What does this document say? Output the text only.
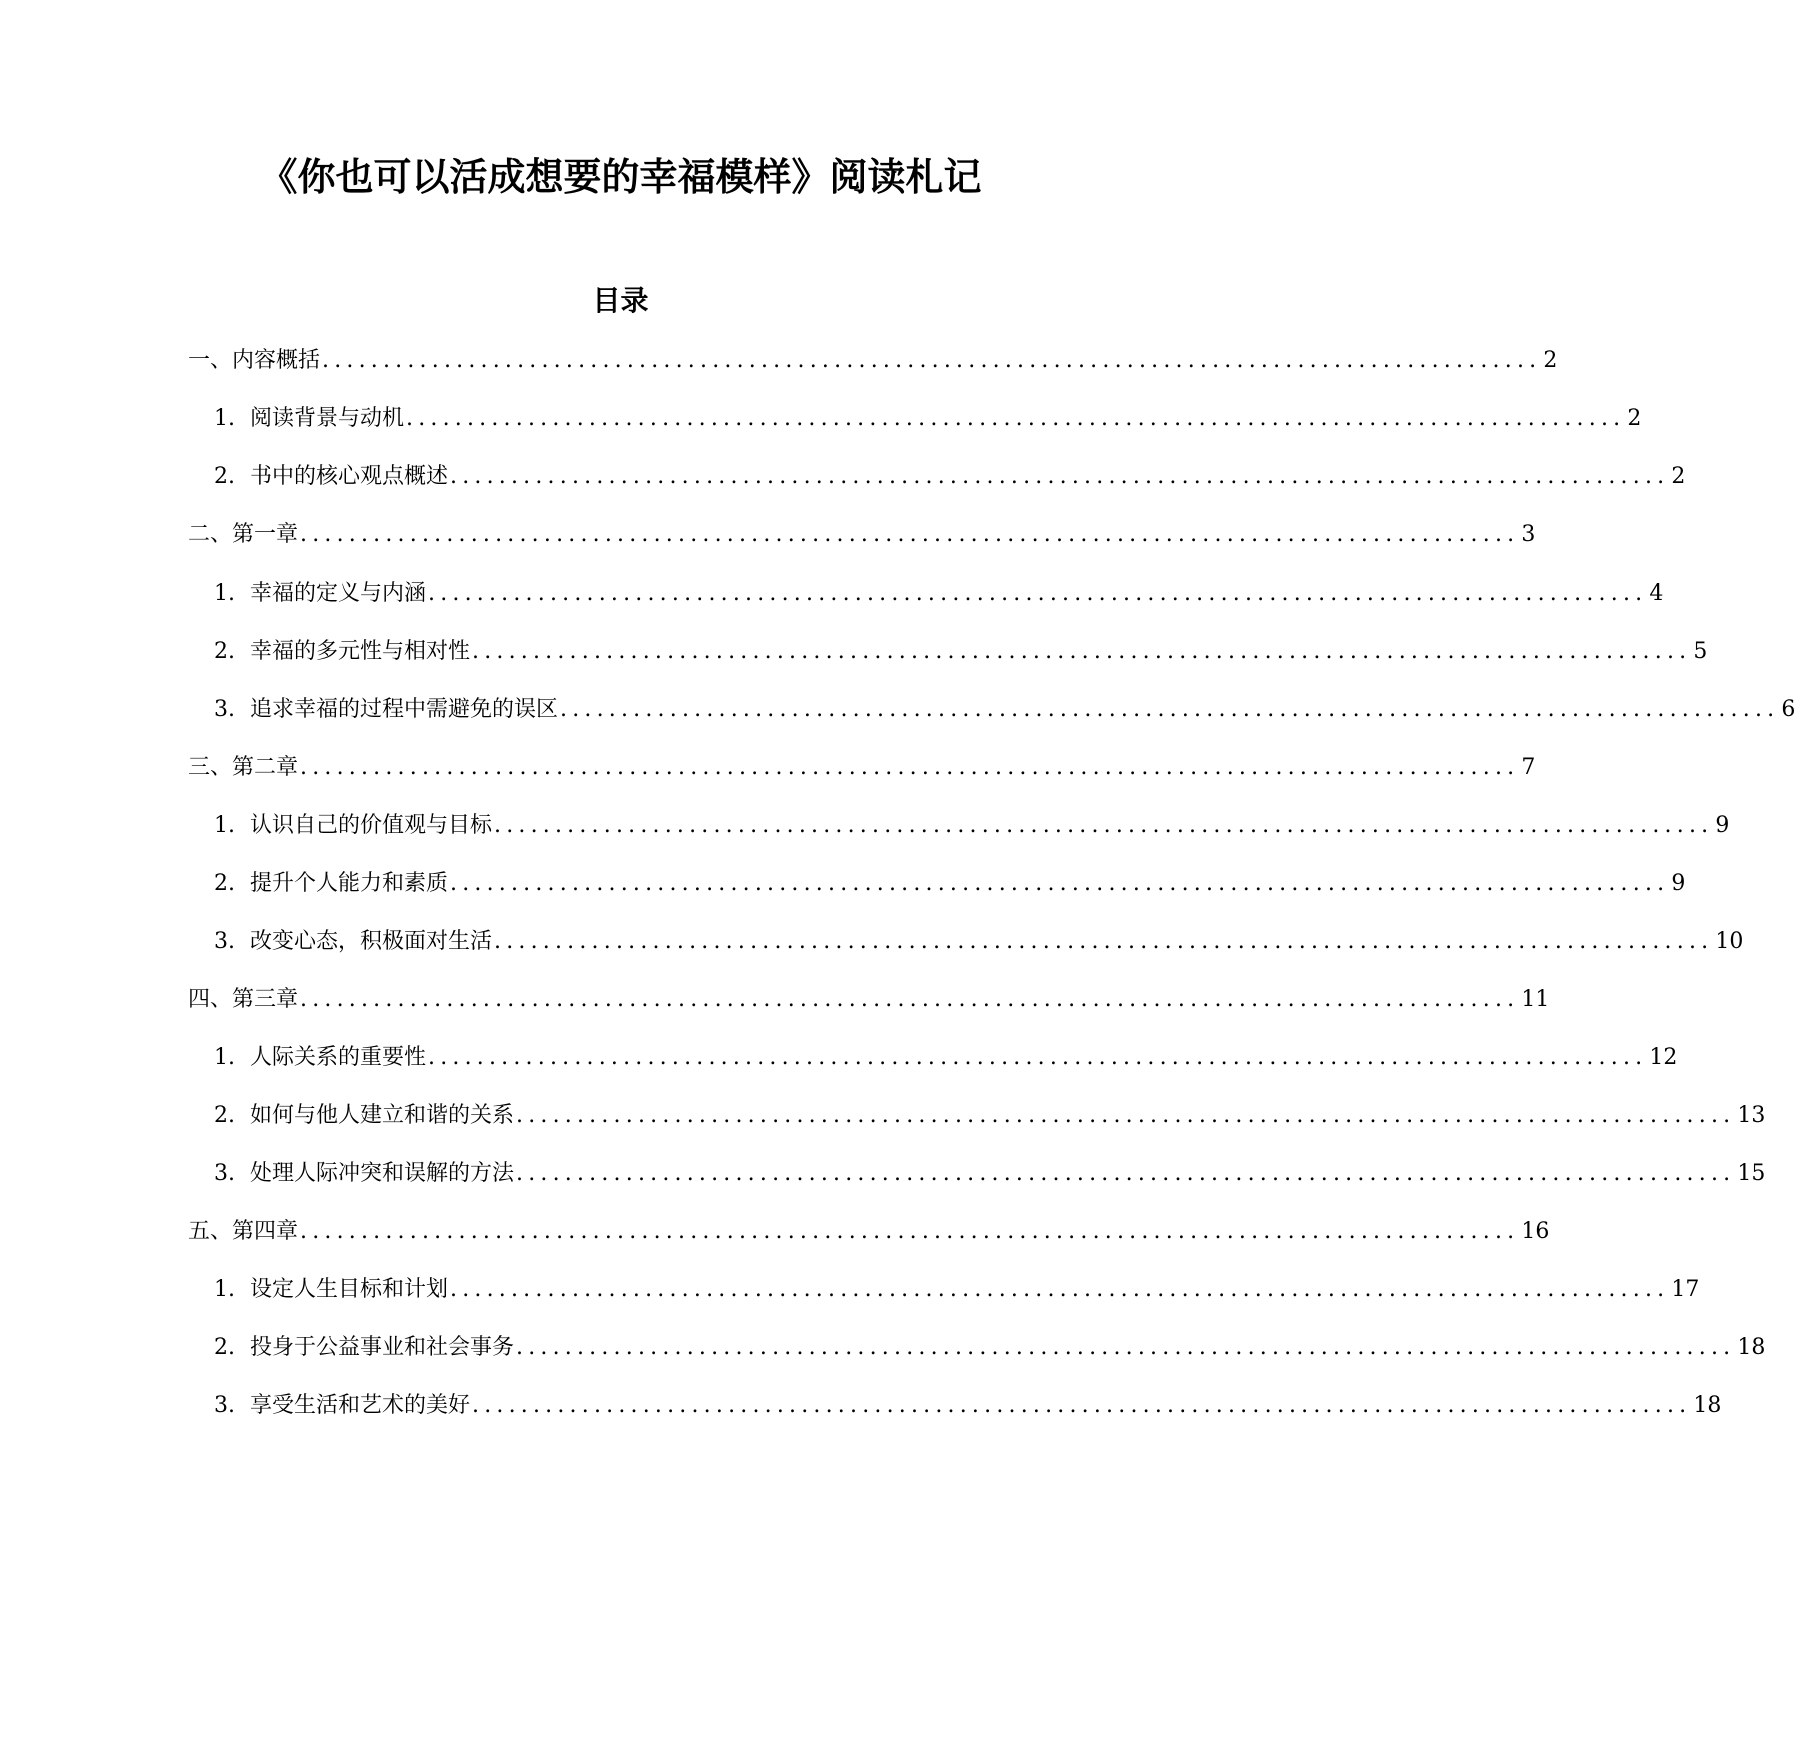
《你也可以活成想要的幸福模样》阅读札记
目录
一、内容概括 .................................................................................................... 2
1. 阅读背景与动机 .................................................................................................... 2
2. 书中的核心观点概述 .................................................................................................... 2
二、第一章 .................................................................................................... 3
1. 幸福的定义与内涵 .................................................................................................... 4
2. 幸福的多元性与相对性 .................................................................................................... 5
3. 追求幸福的过程中需避免的误区 .................................................................................................... 6
三、第二章 .................................................................................................... 7
1. 认识自己的价值观与目标 .................................................................................................... 9
2. 提升个人能力和素质 .................................................................................................... 9
3. 改变心态，积极面对生活 .................................................................................................... 10
四、第三章 .................................................................................................... 11
1. 人际关系的重要性 .................................................................................................... 12
2. 如何与他人建立和谐的关系 .................................................................................................... 13
3. 处理人际冲突和误解的方法 .................................................................................................... 15
五、第四章 .................................................................................................... 16
1. 设定人生目标和计划 .................................................................................................... 17
2. 投身于公益事业和社会事务 .................................................................................................... 18
3. 享受生活和艺术的美好 .................................................................................................... 18
